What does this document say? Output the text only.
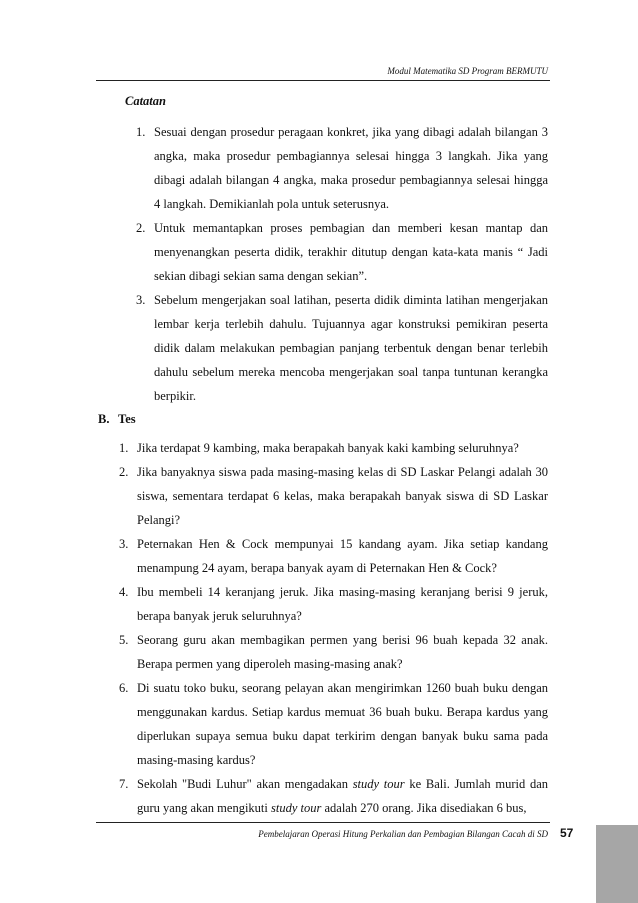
Modul Matematika SD Program BERMUTU
Catatan
1. Sesuai dengan prosedur peragaan konkret, jika yang dibagi adalah bilangan 3 angka, maka prosedur pembagiannya selesai hingga 3 langkah. Jika yang dibagi adalah bilangan 4 angka, maka prosedur pembagiannya selesai hingga 4 langkah. Demikianlah pola untuk seterusnya.
2. Untuk memantapkan proses pembagian dan memberi kesan mantap dan menyenangkan peserta didik, terakhir ditutup dengan kata-kata manis “ Jadi sekian dibagi sekian sama dengan sekian”.
3. Sebelum mengerjakan soal latihan, peserta didik diminta latihan mengerjakan lembar kerja terlebih dahulu. Tujuannya agar konstruksi pemikiran peserta didik dalam melakukan pembagian panjang terbentuk dengan benar terlebih dahulu sebelum mereka mencoba mengerjakan soal tanpa tuntunan kerangka berpikir.
B. Tes
1. Jika terdapat 9 kambing, maka berapakah banyak kaki kambing seluruhnya?
2. Jika banyaknya siswa pada masing-masing kelas di SD Laskar Pelangi adalah 30 siswa, sementara terdapat 6 kelas, maka berapakah banyak siswa di SD Laskar Pelangi?
3. Peternakan Hen & Cock mempunyai 15 kandang ayam. Jika setiap kandang menampung 24 ayam, berapa banyak ayam di Peternakan Hen & Cock?
4. Ibu membeli 14 keranjang jeruk. Jika masing-masing keranjang berisi 9 jeruk, berapa banyak jeruk seluruhnya?
5. Seorang guru akan membagikan permen yang berisi 96 buah kepada 32 anak. Berapa permen yang diperoleh masing-masing anak?
6. Di suatu toko buku, seorang pelayan akan mengirimkan 1260 buah buku dengan menggunakan kardus. Setiap kardus memuat 36 buah buku. Berapa kardus yang diperlukan supaya semua buku dapat terkirim dengan banyak buku sama pada masing-masing kardus?
7. Sekolah "Budi Luhur" akan mengadakan study tour ke Bali. Jumlah murid dan guru yang akan mengikuti study tour adalah 270 orang. Jika disediakan 6 bus,
Pembelajaran Operasi Hitung Perkalian dan Pembagian Bilangan Cacah di SD 57
